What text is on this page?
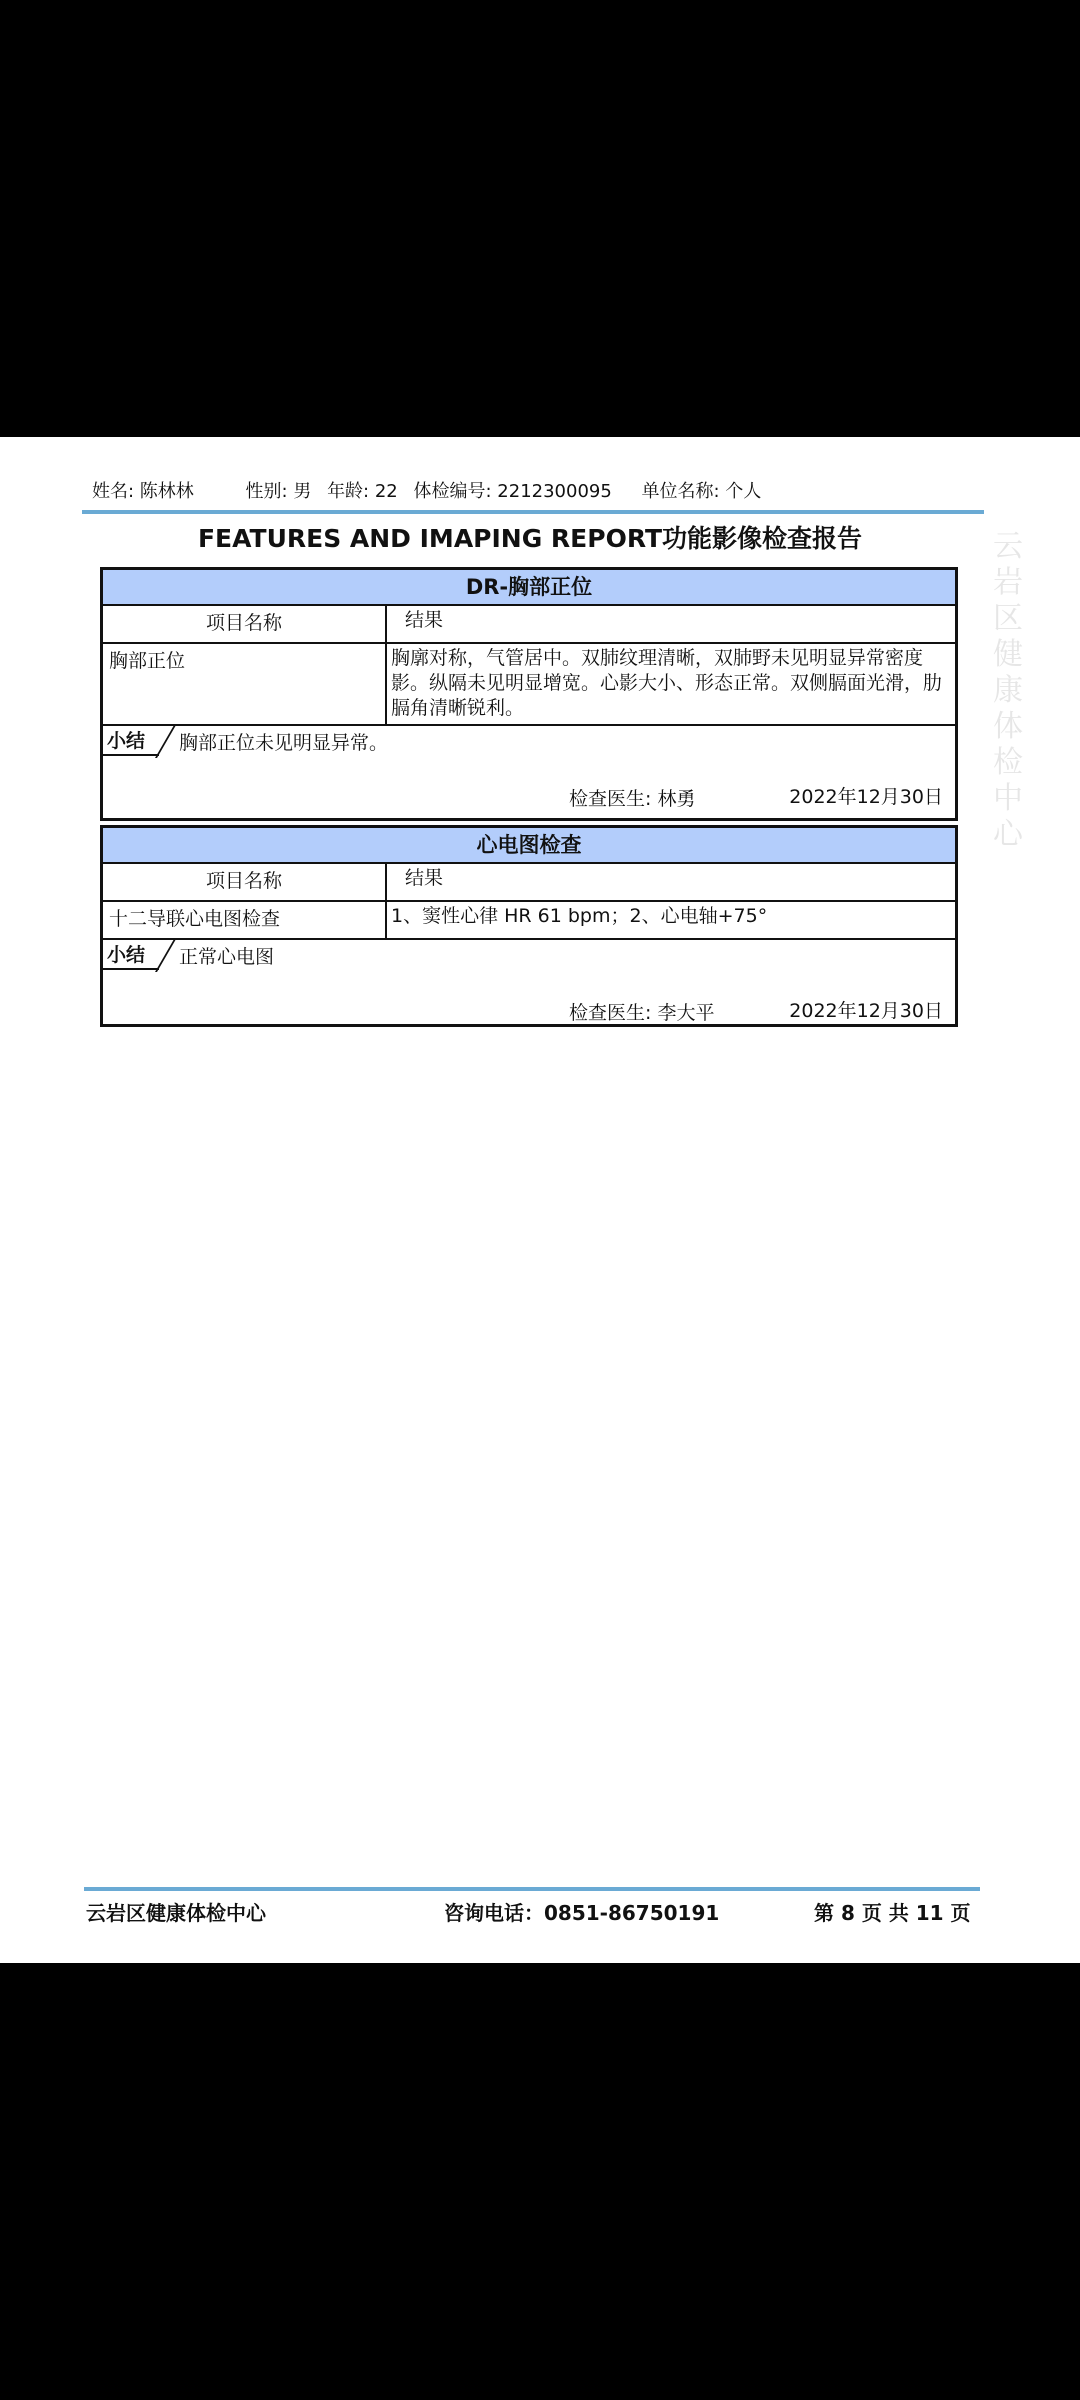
姓名: 陈林林	性别: 男 年龄: 22 体检编号: 2212300095 单位名称: 个人
FEATURES AND IMAPING REPORT功能影像检查报告	云岩区健康体检中心
DR-胸部正位
项目名称	结果
胸部正位	胸廓对称，气管居中。双肺纹理清晰，双肺野未见明显异常密度影。纵隔未见明显增宽。心影大小、形态正常。双侧膈面光滑，肋膈角清晰锐利。
小结	胸部正位未见明显异常。
检查医生: 林勇	2022年12月30日
心电图检查
项目名称	结果
十二导联心电图检查	1、窦性心律 HR 61 bpm；2、心电轴+75°
小结	正常心电图
检查医生: 李大平	2022年12月30日
云岩区健康体检中心	咨询电话：0851-86750191	第 8 页 共 11 页
